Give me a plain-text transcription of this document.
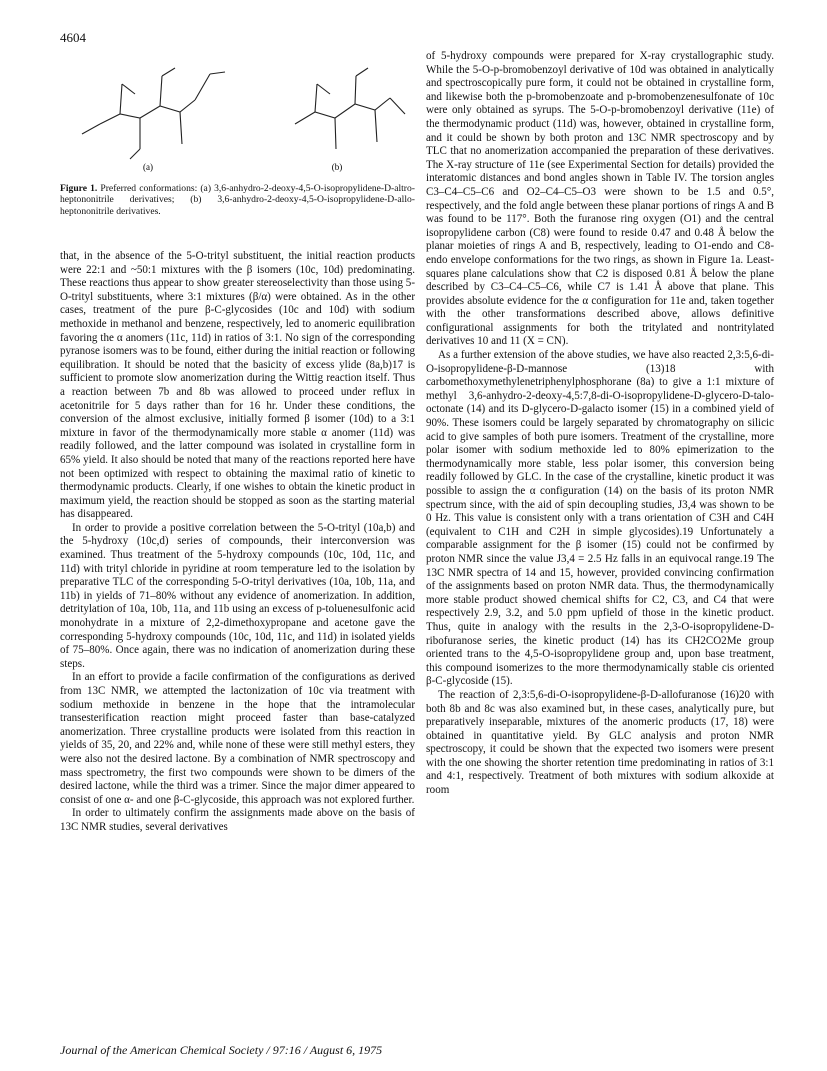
4604
(a)	(b)
Figure 1. Preferred conformations: (a) 3,6-anhydro-2-deoxy-4,5-O-isopropylidene-D-altro-heptononitrile derivatives; (b) 3,6-anhydro-2-deoxy-4,5-O-isopropylidene-D-allo-heptononitrile derivatives.

that, in the absence of the 5-O-trityl substituent, the initial reaction products were 22:1 and ~50:1 mixtures with the β isomers (10c, 10d) predominating. These reactions thus appear to show greater stereoselectivity than those using 5-O-trityl substituents, where 3:1 mixtures (β/α) were obtained. As in the other cases, treatment of the pure β-C-glycosides (10c and 10d) with sodium methoxide in methanol and benzene, respectively, led to anomeric equilibration favoring the α anomers (11c, 11d) in ratios of 3:1. No sign of the corresponding pyranose isomers was to be found, either during the initial reaction or following equilibration. It should be noted that the basicity of excess ylide (8a,b)17 is sufficient to promote slow anomerization during the Wittig reaction itself. Thus a reaction between 7b and 8b was allowed to proceed under reflux in acetonitrile for 5 days rather than for 16 hr. Under these conditions, the conversion of the almost exclusive, initially formed β isomer (10d) to a 3:1 mixture in favor of the thermodynamically more stable α anomer (11d) was readily followed, and the latter compound was isolated in crystalline form in 65% yield. It also should be noted that many of the reactions reported here have not been optimized with respect to obtaining the maximal ratio of kinetic to thermodynamic products. Clearly, if one wishes to obtain the kinetic product in maximum yield, the reaction should be stopped as soon as the starting material has disappeared.

In order to provide a positive correlation between the 5-O-trityl (10a,b) and the 5-hydroxy (10c,d) series of compounds, their interconversion was examined. Thus treatment of the 5-hydroxy compounds (10c, 10d, 11c, and 11d) with trityl chloride in pyridine at room temperature led to the isolation by preparative TLC of the corresponding 5-O-trityl derivatives (10a, 10b, 11a, and 11b) in yields of 71–80% without any evidence of anomerization. In addition, detritylation of 10a, 10b, 11a, and 11b using an excess of p-toluenesulfonic acid monohydrate in a mixture of 2,2-dimethoxypropane and acetone gave the corresponding 5-hydroxy compounds (10c, 10d, 11c, and 11d) in isolated yields of 75–80%. Once again, there was no indication of anomerization during these steps.

In an effort to provide a facile confirmation of the configurations as derived from 13C NMR, we attempted the lactonization of 10c via treatment with sodium methoxide in benzene in the hope that the intramolecular transesterification reaction might proceed faster than base-catalyzed anomerization. Three crystalline products were isolated from this reaction in yields of 35, 20, and 22% and, while none of these were still methyl esters, they were also not the desired lactone. By a combination of NMR spectroscopy and mass spectrometry, the first two compounds were shown to be dimers of the desired lactone, while the third was a trimer. Since the major dimer appeared to consist of one α- and one β-C-glycoside, this approach was not explored further.

In order to ultimately confirm the assignments made above on the basis of 13C NMR studies, several derivatives

of 5-hydroxy compounds were prepared for X-ray crystallographic study. While the 5-O-p-bromobenzoyl derivative of 10d was obtained in analytically and spectroscopically pure form, it could not be obtained in crystalline form, and likewise both the p-bromobenzoate and p-bromobenzenesulfonate of 10c were only obtained as syrups. The 5-O-p-bromobenzoyl derivative (11e) of the thermodynamic product (11d) was, however, obtained in crystalline form, and it could be shown by both proton and 13C NMR spectroscopy and by TLC that no anomerization accompanied the preparation of these derivatives. The X-ray structure of 11e (see Experimental Section for details) provided the interatomic distances and bond angles shown in Table IV. The torsion angles C3–C4–C5–C6 and O2–C4–C5–O3 were shown to be 1.5 and 0.5°, respectively, and the fold angle between these planar portions of rings A and B was found to be 117°. Both the furanose ring oxygen (O1) and the central isopropylidene carbon (C8) were found to reside 0.47 and 0.48 Å below the planar moieties of rings A and B, respectively, leading to O1-endo and C8-endo envelope conformations for the two rings, as shown in Figure 1a. Least-squares plane calculations show that C2 is disposed 0.81 Å below the plane described by C3–C4–C5–C6, while C7 is 1.41 Å above that plane. This provides absolute evidence for the α configuration for 11e and, taken together with the other transformations described above, allows definitive configurational assignments for both the tritylated and nontritylated derivatives 10 and 11 (X = CN).

As a further extension of the above studies, we have also reacted 2,3:5,6-di-O-isopropylidene-β-D-mannose (13)18 with carbomethoxymethylenetriphenylphosphorane (8a) to give a 1:1 mixture of methyl 3,6-anhydro-2-deoxy-4,5:7,8-di-O-isopropylidene-D-glycero-D-talo-octonate (14) and its D-glycero-D-galacto isomer (15) in a combined yield of 90%. These isomers could be largely separated by chromatography on silicic acid to give samples of both pure isomers. Treatment of the crystalline, more polar isomer with sodium methoxide led to 80% epimerization to the thermodynamically more stable, less polar isomer, this conversion being readily followed by GLC. In the case of the crystalline, kinetic product it was possible to assign the α configuration (14) on the basis of its proton NMR spectrum since, with the aid of spin decoupling studies, J3,4 was shown to be 0 Hz. This value is consistent only with a trans orientation of C3H and C4H (equivalent to C1H and C2H in simple glycosides).19 Unfortunately a comparable assignment for the β isomer (15) could not be confirmed by proton NMR since the value J3,4 = 2.5 Hz falls in an equivocal range.19 The 13C NMR spectra of 14 and 15, however, provided convincing confirmation of the assignments based on proton NMR data. Thus, the thermodynamically more stable product showed chemical shifts for C2, C3, and C4 that were respectively 2.9, 3.2, and 5.0 ppm upfield of those in the kinetic product. Thus, quite in analogy with the results in the 2,3-O-isopropylidene-D-ribofuranose series, the kinetic product (14) has its CH2CO2Me group oriented trans to the 4,5-O-isopropylidene group and, upon base treatment, this compound isomerizes to the more thermodynamically stable cis oriented β-C-glycoside (15).

The reaction of 2,3:5,6-di-O-isopropylidene-β-D-allofuranose (16)20 with both 8b and 8c was also examined but, in these cases, analytically pure, but preparatively inseparable, mixtures of the anomeric products (17, 18) were obtained in quantitative yield. By GLC analysis and proton NMR spectroscopy, it could be shown that the expected two isomers were present with the one showing the shorter retention time predominating in ratios of 3:1 and 4:1, respectively. Treatment of both mixtures with sodium alkoxide at room

Journal of the American Chemical Society / 97:16 / August 6, 1975
